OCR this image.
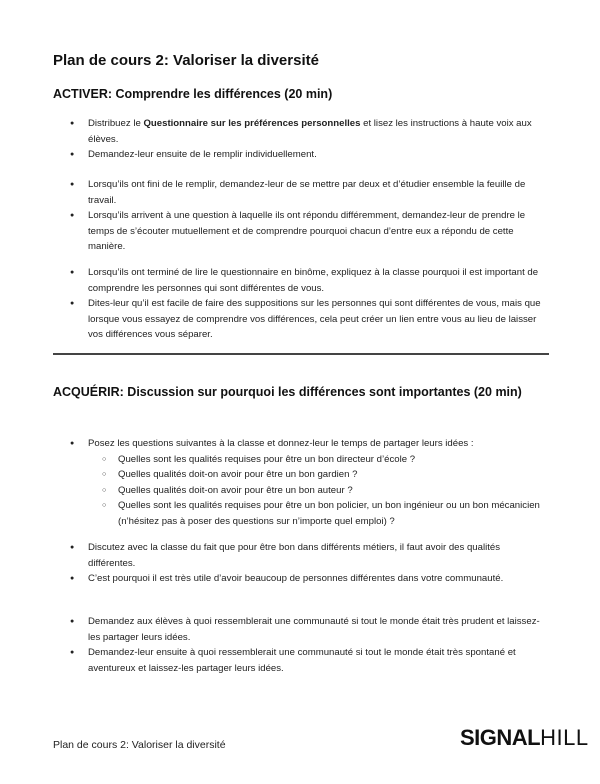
Plan de cours 2: Valoriser la diversité
ACTIVER: Comprendre les différences (20 min)
● Distribuez le Questionnaire sur les préférences personnelles et lisez les instructions à haute voix aux élèves.
● Demandez-leur ensuite de le remplir individuellement.
● Lorsqu’ils ont fini de le remplir, demandez-leur de se mettre par deux et d’étudier ensemble la feuille de travail.
● Lorsqu’ils arrivent à une question à laquelle ils ont répondu différemment, demandez-leur de prendre le temps de s’écouter mutuellement et de comprendre pourquoi chacun d’entre eux a répondu de cette manière.
● Lorsqu’ils ont terminé de lire le questionnaire en binôme, expliquez à la classe pourquoi il est important de comprendre les personnes qui sont différentes de vous.
● Dites-leur qu’il est facile de faire des suppositions sur les personnes qui sont différentes de vous, mais que lorsque vous essayez de comprendre vos différences, cela peut créer un lien entre vous au lieu de laisser vos différences vous séparer.
ACQUÉRIR: Discussion sur pourquoi les différences sont importantes (20 min)
● Posez les questions suivantes à la classe et donnez-leur le temps de partager leurs idées :
○ Quelles sont les qualités requises pour être un bon directeur d’école ?
○ Quelles qualités doit-on avoir pour être un bon gardien ?
○ Quelles qualités doit-on avoir pour être un bon auteur ?
○ Quelles sont les qualités requises pour être un bon policier, un bon ingénieur ou un bon mécanicien (n’hésitez pas à poser des questions sur n’importe quel emploi) ?
● Discutez avec la classe du fait que pour être bon dans différents métiers, il faut avoir des qualités différentes.
● C’est pourquoi il est très utile d’avoir beaucoup de personnes différentes dans votre communauté.
● Demandez aux élèves à quoi ressemblerait une communauté si tout le monde était très prudent et laissez-les partager leurs idées.
● Demandez-leur ensuite à quoi ressemblerait une communauté si tout le monde était très spontané et aventureux et laissez-les partager leurs idées.
Plan de cours 2: Valoriser la diversité	SIGNALHILL
